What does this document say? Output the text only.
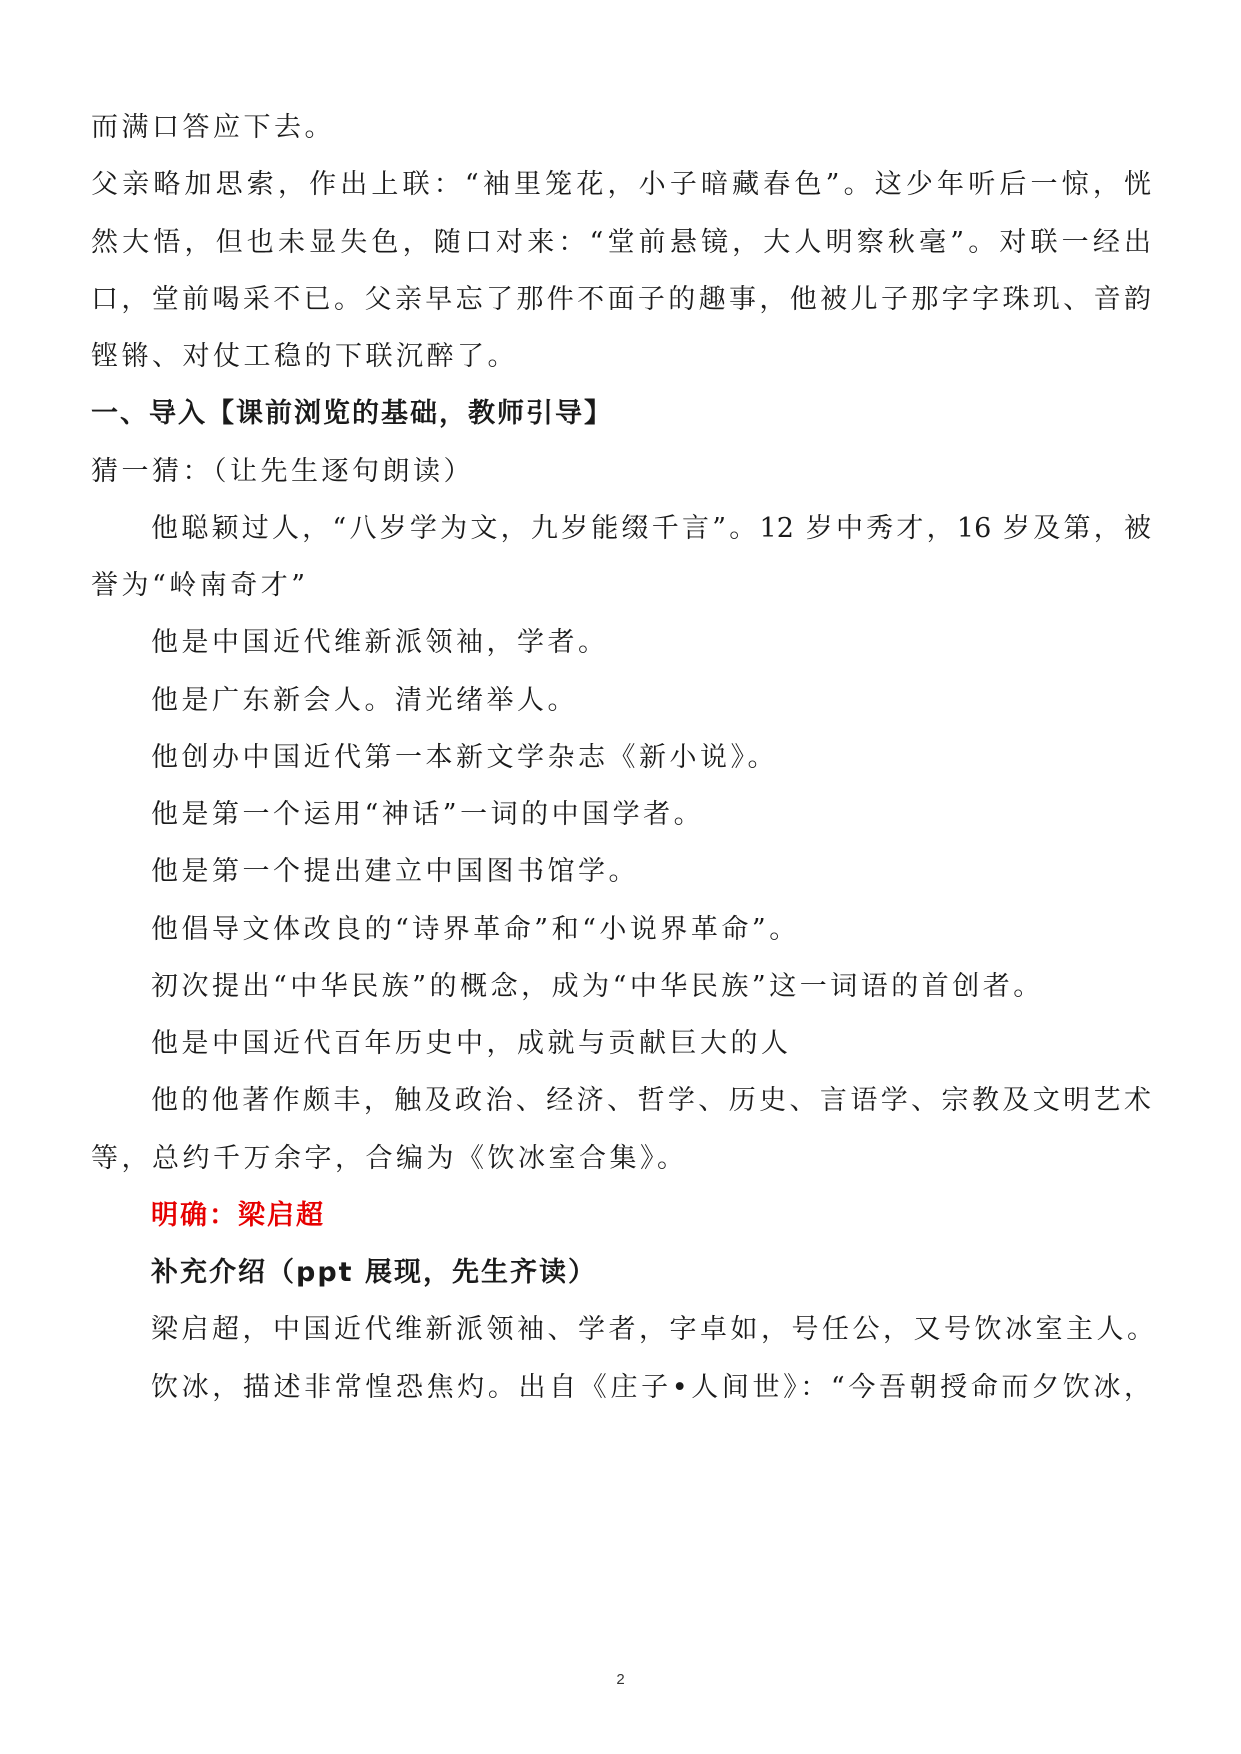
而满口答应下去。
父亲略加思索，作出上联：“袖里笼花，小子暗藏春色”。这少年听后一惊，恍
然大悟，但也未显失色，随口对来：“堂前悬镜，大人明察秋毫”。对联一经出
口，堂前喝采不已。父亲早忘了那件不面子的趣事，他被儿子那字字珠玑、音韵
铿锵、对仗工稳的下联沉醉了。
一、导入【课前浏览的基础，教师引导】
猜一猜：（让先生逐句朗读）
他聪颖过人，“八岁学为文，九岁能缀千言”。12 岁中秀才，16 岁及第，被
誉为“岭南奇才”
他是中国近代维新派领袖，学者。
他是广东新会人。清光绪举人。
他创办中国近代第一本新文学杂志《新小说》。
他是第一个运用“神话”一词的中国学者。
他是第一个提出建立中国图书馆学。
他倡导文体改良的“诗界革命”和“小说界革命”。
初次提出“中华民族”的概念，成为“中华民族”这一词语的首创者。
他是中国近代百年历史中，成就与贡献巨大的人
他的他著作颇丰，触及政治、经济、哲学、历史、言语学、宗教及文明艺术
等，总约千万余字，合编为《饮冰室合集》。
明确：梁启超
补充介绍（ppt 展现，先生齐读）
梁启超，中国近代维新派领袖、学者，字卓如，号任公，又号饮冰室主人。
饮冰，描述非常惶恐焦灼。出自《庄子•人间世》：“今吾朝授命而夕饮冰，
2
